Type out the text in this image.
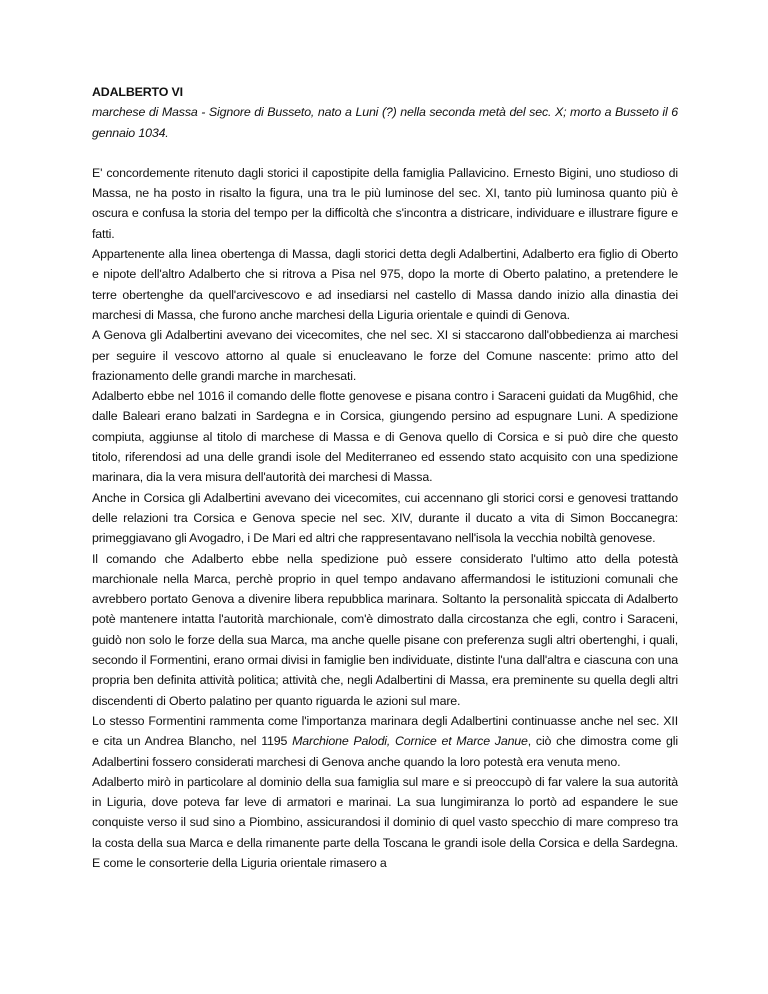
ADALBERTO VI

marchese di Massa - Signore di Busseto, nato a Luni (?) nella seconda metà del sec. X; morto a Busseto il 6 gennaio 1034.

E' concordemente ritenuto dagli storici il capostipite della famiglia Pallavicino. Ernesto Bigini, uno studioso di Massa, ne ha posto in risalto la figura, una tra le più luminose del sec. XI, tanto più luminosa quanto più è oscura e confusa la storia del tempo per la difficoltà che s'incontra a districare, individuare e illustrare figure e fatti.

Appartenente alla linea obertenga di Massa, dagli storici detta degli Adalbertini, Adalberto era figlio di Oberto e nipote dell'altro Adalberto che si ritrova a Pisa nel 975, dopo la morte di Oberto palatino, a pretendere le terre obertenghe da quell'arcivescovo e ad insediarsi nel castello di Massa dando inizio alla dinastia dei marchesi di Massa, che furono anche marchesi della Liguria orientale e quindi di Genova.

A Genova gli Adalbertini avevano dei vicecomites, che nel sec. XI si staccarono dall'obbedienza ai marchesi per seguire il vescovo attorno al quale si enucleavano le forze del Comune nascente: primo atto del frazionamento delle grandi marche in marchesati.

Adalberto ebbe nel 1016 il comando delle flotte genovese e pisana contro i Saraceni guidati da Mug6hid, che dalle Baleari erano balzati in Sardegna e in Corsica, giungendo persino ad espugnare Luni. A spedizione compiuta, aggiunse al titolo di marchese di Massa e di Genova quello di Corsica e si può dire che questo titolo, riferendosi ad una delle grandi isole del Mediterraneo ed essendo stato acquisito con una spedizione marinara, dia la vera misura dell'autorità dei marchesi di Massa.

Anche in Corsica gli Adalbertini avevano dei vicecomites, cui accennano gli storici corsi e genovesi trattando delle relazioni tra Corsica e Genova specie nel sec. XIV, durante il ducato a vita di Simon Boccanegra: primeggiavano gli Avogadro, i De Mari ed altri che rappresentavano nell'isola la vecchia nobiltà genovese.

Il comando che Adalberto ebbe nella spedizione può essere considerato l'ultimo atto della potestà marchionale nella Marca, perchè proprio in quel tempo andavano affermandosi le istituzioni comunali che avrebbero portato Genova a divenire libera repubblica marinara. Soltanto la personalità spiccata di Adalberto potè mantenere intatta l'autorità marchionale, com'è dimostrato dalla circostanza che egli, contro i Saraceni, guidò non solo le forze della sua Marca, ma anche quelle pisane con preferenza sugli altri obertenghi, i quali, secondo il Formentini, erano ormai divisi in famiglie ben individuate, distinte l'una dall'altra e ciascuna con una propria ben definita attività politica; attività che, negli Adalbertini di Massa, era preminente su quella degli altri discendenti di Oberto palatino per quanto riguarda le azioni sul mare.

Lo stesso Formentini rammenta come l'importanza marinara degli Adalbertini continuasse anche nel sec. XII e cita un Andrea Blancho, nel 1195 Marchione Palodi, Cornice et Marce Janue, ciò che dimostra come gli Adalbertini fossero considerati marchesi di Genova anche quando la loro potestà era venuta meno.

Adalberto mirò in particolare al dominio della sua famiglia sul mare e si preoccupò di far valere la sua autorità in Liguria, dove poteva far leve di armatori e marinai. La sua lungimiranza lo portò ad espandere le sue conquiste verso il sud sino a Piombino, assicurandosi il dominio di quel vasto specchio di mare compreso tra la costa della sua Marca e della rimanente parte della Toscana le grandi isole della Corsica e della Sardegna. E come le consorterie della Liguria orientale rimasero a
